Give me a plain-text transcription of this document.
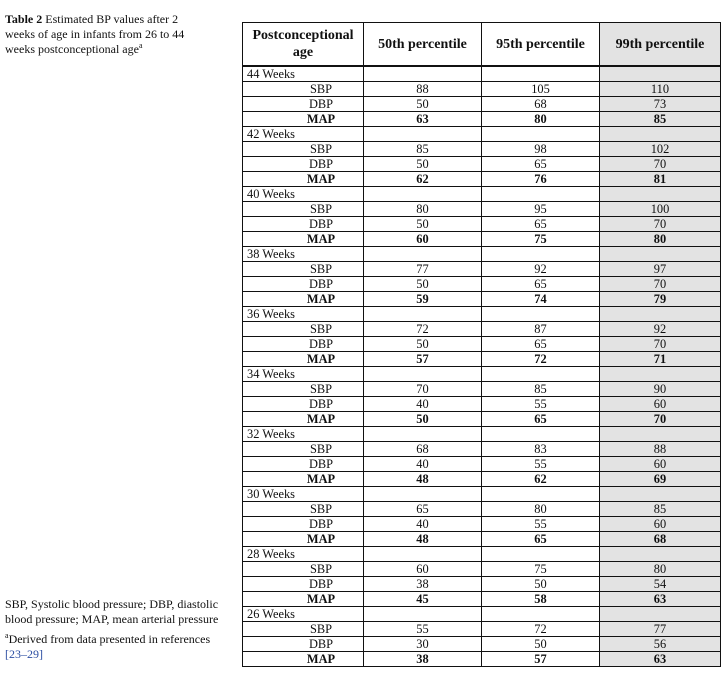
Table 2 Estimated BP values after 2 weeks of age in infants from 26 to 44 weeks postconceptional age$^a$
Postconceptional age	50th percentile	95th percentile	99th percentile
44 Weeks			
SBP	88	105	110
DBP	50	68	73
MAP	63	80	85
42 Weeks			
SBP	85	98	102
DBP	50	65	70
MAP	62	76	81
40 Weeks			
SBP	80	95	100
DBP	50	65	70
MAP	60	75	80
38 Weeks			
SBP	77	92	97
DBP	50	65	70
MAP	59	74	79
36 Weeks			
SBP	72	87	92
DBP	50	65	70
MAP	57	72	71
34 Weeks			
SBP	70	85	90
DBP	40	55	60
MAP	50	65	70
32 Weeks			
SBP	68	83	88
DBP	40	55	60
MAP	48	62	69
30 Weeks			
SBP	65	80	85
DBP	40	55	60
MAP	48	65	68
28 Weeks			
SBP	60	75	80
DBP	38	50	54
MAP	45	58	63
26 Weeks			
SBP	55	72	77
DBP	30	50	56
MAP	38	57	63

SBP, Systolic blood pressure; DBP, diastolic blood pressure; MAP, mean arterial pressure

$^a$Derived from data presented in references [23–29]
